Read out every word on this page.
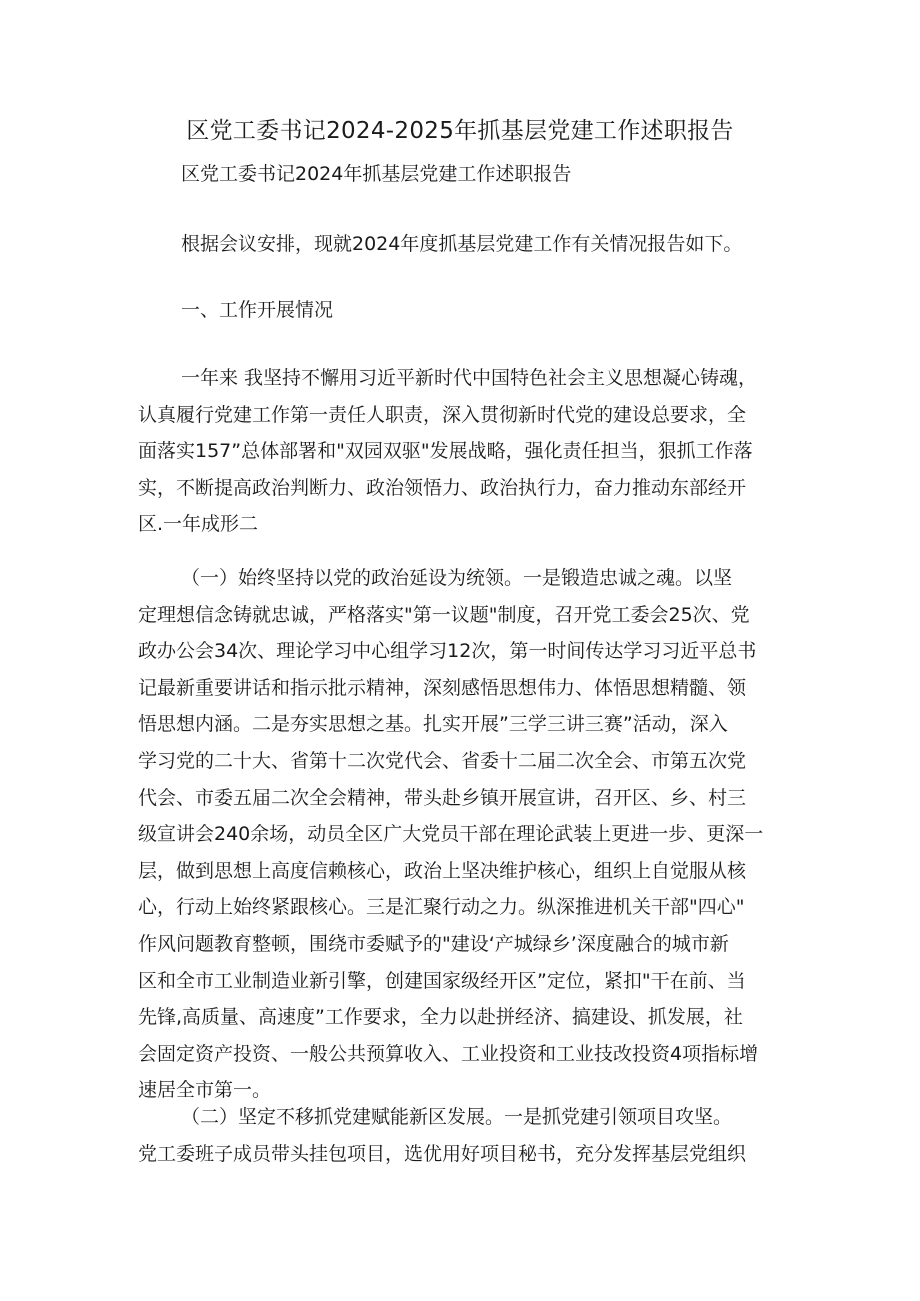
区党工委书记2024-2025年抓基层党建工作述职报告
区党工委书记2024年抓基层党建工作述职报告
根据会议安排，现就2024年度抓基层党建工作有关情况报告如下。
一、工作开展情况
一年来 我坚持不懈用习近平新时代中国特色社会主义思想凝心铸魂，
认真履行党建工作第一责任人职责，深入贯彻新时代党的建设总要求，全
面落实157”总体部署和"双园双驱"发展战略，强化责任担当，狠抓工作落
实，不断提高政治判断力、政治领悟力、政治执行力，奋力推动东部经开
区.一年成形二
（一）始终坚持以党的政治延设为统领。一是锻造忠诚之魂。以坚
定理想信念铸就忠诚，严格落实"第一议题"制度，召开党工委会25次、党
政办公会34次、理论学习中心组学习12次，第一时间传达学习习近平总书
记最新重要讲话和指示批示精神，深刻感悟思想伟力、体悟思想精髓、领
悟思想内涵。二是夯实思想之基。扎实开展”三学三讲三赛”活动，深入
学习党的二十大、省第十二次党代会、省委十二届二次全会、市第五次党
代会、市委五届二次全会精神，带头赴乡镇开展宣讲，召开区、乡、村三
级宣讲会240余场，动员全区广大党员干部在理论武装上更进一步、更深一
层，做到思想上高度信赖核心，政治上坚决维护核心，组织上自觉服从核
心，行动上始终紧跟核心。三是汇聚行动之力。纵深推进机关干部"四心"
作风问题教育整顿，围绕市委赋予的"建设‘产城绿乡’深度融合的城市新
区和全市工业制造业新引擎，创建国家级经开区”定位，紧扣"干在前、当
先锋,高质量、高速度”工作要求，全力以赴拼经济、搞建设、抓发展，社
会固定资产投资、一般公共预算收入、工业投资和工业技改投资4项指标增
速居全市第一。
（二）坚定不移抓党建赋能新区发展。一是抓党建引领项目攻坚。
党工委班子成员带头挂包项目，选优用好项目秘书，充分发挥基层党组织
